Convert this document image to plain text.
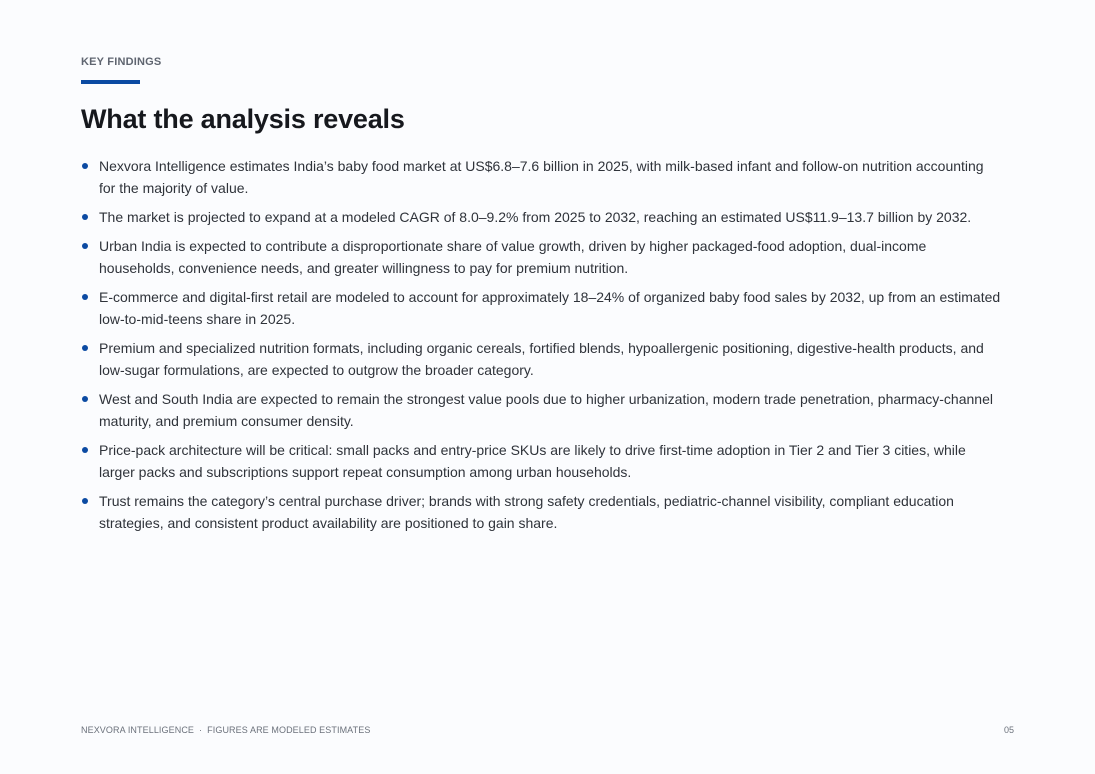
KEY FINDINGS
What the analysis reveals
Nexvora Intelligence estimates India’s baby food market at US$6.8–7.6 billion in 2025, with milk-based infant and follow-on nutrition accounting for the majority of value.
The market is projected to expand at a modeled CAGR of 8.0–9.2% from 2025 to 2032, reaching an estimated US$11.9–13.7 billion by 2032.
Urban India is expected to contribute a disproportionate share of value growth, driven by higher packaged-food adoption, dual-income households, convenience needs, and greater willingness to pay for premium nutrition.
E-commerce and digital-first retail are modeled to account for approximately 18–24% of organized baby food sales by 2032, up from an estimated low-to-mid-teens share in 2025.
Premium and specialized nutrition formats, including organic cereals, fortified blends, hypoallergenic positioning, digestive-health products, and low-sugar formulations, are expected to outgrow the broader category.
West and South India are expected to remain the strongest value pools due to higher urbanization, modern trade penetration, pharmacy-channel maturity, and premium consumer density.
Price-pack architecture will be critical: small packs and entry-price SKUs are likely to drive first-time adoption in Tier 2 and Tier 3 cities, while larger packs and subscriptions support repeat consumption among urban households.
Trust remains the category’s central purchase driver; brands with strong safety credentials, pediatric-channel visibility, compliant education strategies, and consistent product availability are positioned to gain share.
NEXVORA INTELLIGENCE · FIGURES ARE MODELED ESTIMATES	05
